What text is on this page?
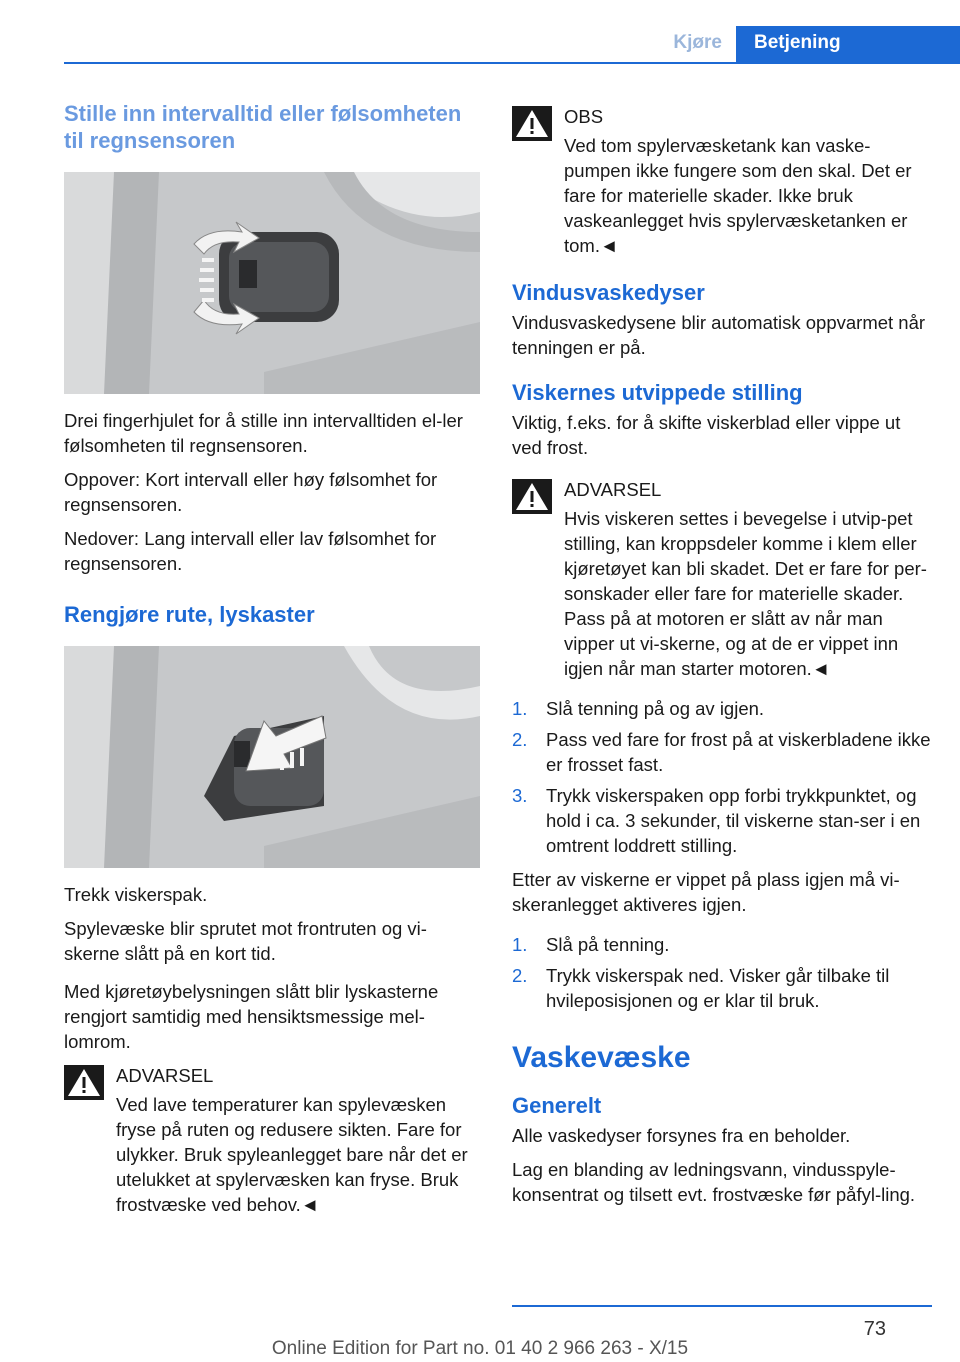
Kjøre	Betjening
Stille inn intervalltid eller følsomheten til regnsensoren

Drei fingerhjulet for å stille inn intervalltiden el-ler følsomheten til regnsensoren.

Oppover: Kort intervall eller høy følsomhet for regnsensoren.

Nedover: Lang intervall eller lav følsomhet for regnsensoren.

Rengjøre rute, lyskaster

Trekk viskerspak.

Spylevæske blir sprutet mot frontruten og vi-skerne slått på en kort tid.

Med kjøretøybelysningen slått blir lyskasterne rengjort samtidig med hensiktsmessige mel-lomrom.

ADVARSEL

Ved lave temperaturer kan spylevæsken fryse på ruten og redusere sikten. Fare for ulykker. Bruk spyleanlegget bare når det er utelukket at spylervæsken kan fryse. Bruk frostvæske ved behov.◄

OBS

Ved tom spylervæsketank kan vaske-pumpen ikke fungere som den skal. Det er fare for materielle skader. Ikke bruk vaskeanlegget hvis spylervæsketanken er tom.◄

Vindusvaskedyser

Vindusvaskedysene blir automatisk oppvarmet når tenningen er på.

Viskernes utvippede stilling

Viktig, f.eks. for å skifte viskerblad eller vippe ut ved frost.

ADVARSEL

Hvis viskeren settes i bevegelse i utvip-pet stilling, kan kroppsdeler komme i klem eller kjøretøyet kan bli skadet. Det er fare for per-sonskader eller fare for materielle skader. Pass på at motoren er slått av når man vipper ut vi-skerne, og at de er vippet inn igjen når man starter motoren.◄

1. Slå tenning på og av igjen.
2. Pass ved fare for frost på at viskerbladene ikke er frosset fast.
3. Trykk viskerspaken opp forbi trykkpunktet, og hold i ca. 3 sekunder, til viskerne stan-ser i en omtrent loddrett stilling.

Etter av viskerne er vippet på plass igjen må vi-skeranlegget aktiveres igjen.

1. Slå på tenning.
2. Trykk viskerspak ned. Visker går tilbake til hvileposisjonen og er klar til bruk.
Vaskevæske
Generelt

Alle vaskedyser forsynes fra en beholder.

Lag en blanding av ledningsvann, vindusspyle-konsentrat og tilsett evt. frostvæske før påfyl-ling.

73
Online Edition for Part no. 01 40 2 966 263 - X/15
